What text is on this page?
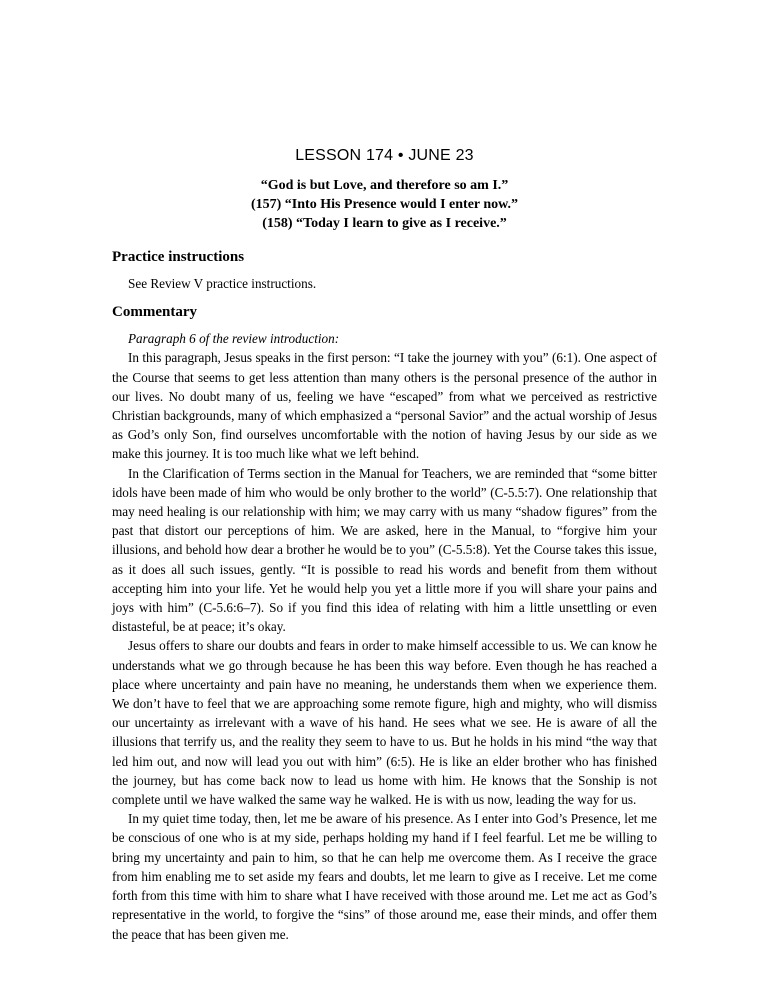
LESSON 174 • JUNE 23
“God is but Love, and therefore so am I.”
(157) “Into His Presence would I enter now.”
(158) “Today I learn to give as I receive.”
Practice instructions

See Review V practice instructions.

Commentary

Paragraph 6 of the review introduction:

In this paragraph, Jesus speaks in the first person: “I take the journey with you” (6:1). One aspect of the Course that seems to get less attention than many others is the personal presence of the author in our lives. No doubt many of us, feeling we have “escaped” from what we perceived as restrictive Christian backgrounds, many of which emphasized a “personal Savior” and the actual worship of Jesus as God’s only Son, find ourselves uncomfortable with the notion of having Jesus by our side as we make this journey. It is too much like what we left behind.

In the Clarification of Terms section in the Manual for Teachers, we are reminded that “some bitter idols have been made of him who would be only brother to the world” (C-5.5:7). One relationship that may need healing is our relationship with him; we may carry with us many “shadow figures” from the past that distort our perceptions of him. We are asked, here in the Manual, to “forgive him your illusions, and behold how dear a brother he would be to you” (C-5.5:8). Yet the Course takes this issue, as it does all such issues, gently. “It is possible to read his words and benefit from them without accepting him into your life. Yet he would help you yet a little more if you will share your pains and joys with him” (C-5.6:6–7). So if you find this idea of relating with him a little unsettling or even distasteful, be at peace; it’s okay.

Jesus offers to share our doubts and fears in order to make himself accessible to us. We can know he understands what we go through because he has been this way before. Even though he has reached a place where uncertainty and pain have no meaning, he understands them when we experience them. We don’t have to feel that we are approaching some remote figure, high and mighty, who will dismiss our uncertainty as irrelevant with a wave of his hand. He sees what we see. He is aware of all the illusions that terrify us, and the reality they seem to have to us. But he holds in his mind “the way that led him out, and now will lead you out with him” (6:5). He is like an elder brother who has finished the journey, but has come back now to lead us home with him. He knows that the Sonship is not complete until we have walked the same way he walked. He is with us now, leading the way for us.

In my quiet time today, then, let me be aware of his presence. As I enter into God’s Presence, let me be conscious of one who is at my side, perhaps holding my hand if I feel fearful. Let me be willing to bring my uncertainty and pain to him, so that he can help me overcome them. As I receive the grace from him enabling me to set aside my fears and doubts, let me learn to give as I receive. Let me come forth from this time with him to share what I have received with those around me. Let me act as God’s representative in the world, to forgive the “sins” of those around me, ease their minds, and offer them the peace that has been given me.
